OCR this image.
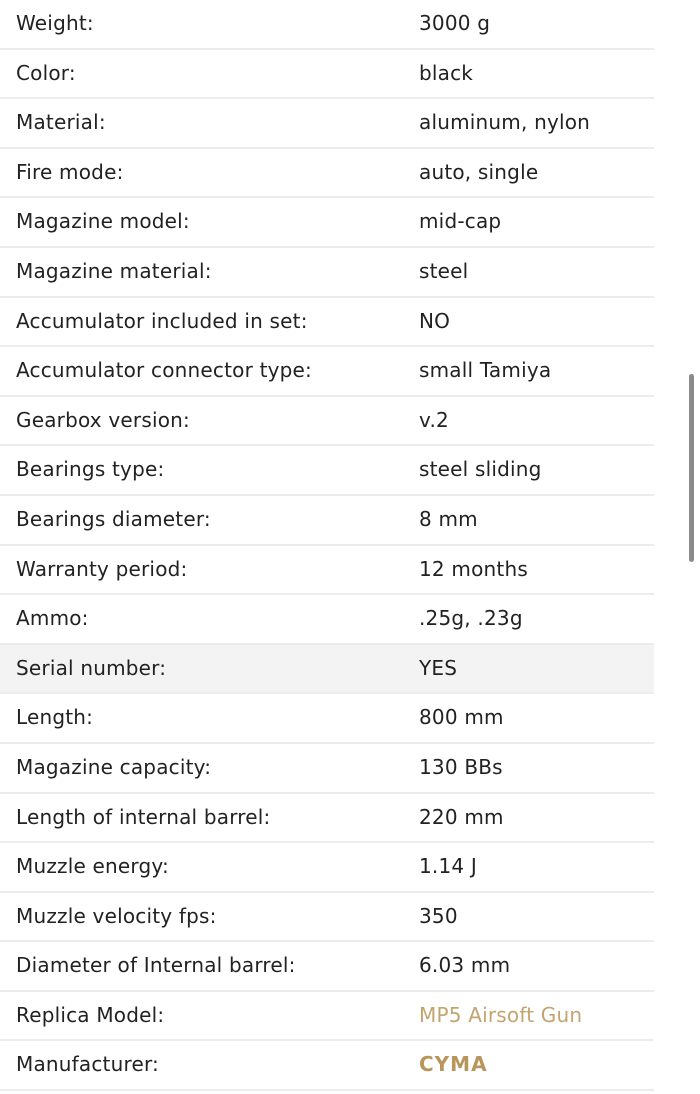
Weight:	3000 g
Color:	black
Material:	aluminum, nylon
Fire mode:	auto, single
Magazine model:	mid-cap
Magazine material:	steel
Accumulator included in set:	NO
Accumulator connector type:	small Tamiya
Gearbox version:	v.2
Bearings type:	steel sliding
Bearings diameter:	8 mm
Warranty period:	12 months
Ammo:	.25g, .23g
Serial number:	YES
Length:	800 mm
Magazine capacity:	130 BBs
Length of internal barrel:	220 mm
Muzzle energy:	1.14 J
Muzzle velocity fps:	350
Diameter of Internal barrel:	6.03 mm
Replica Model:	MP5 Airsoft Gun
Manufacturer:	CYMA
